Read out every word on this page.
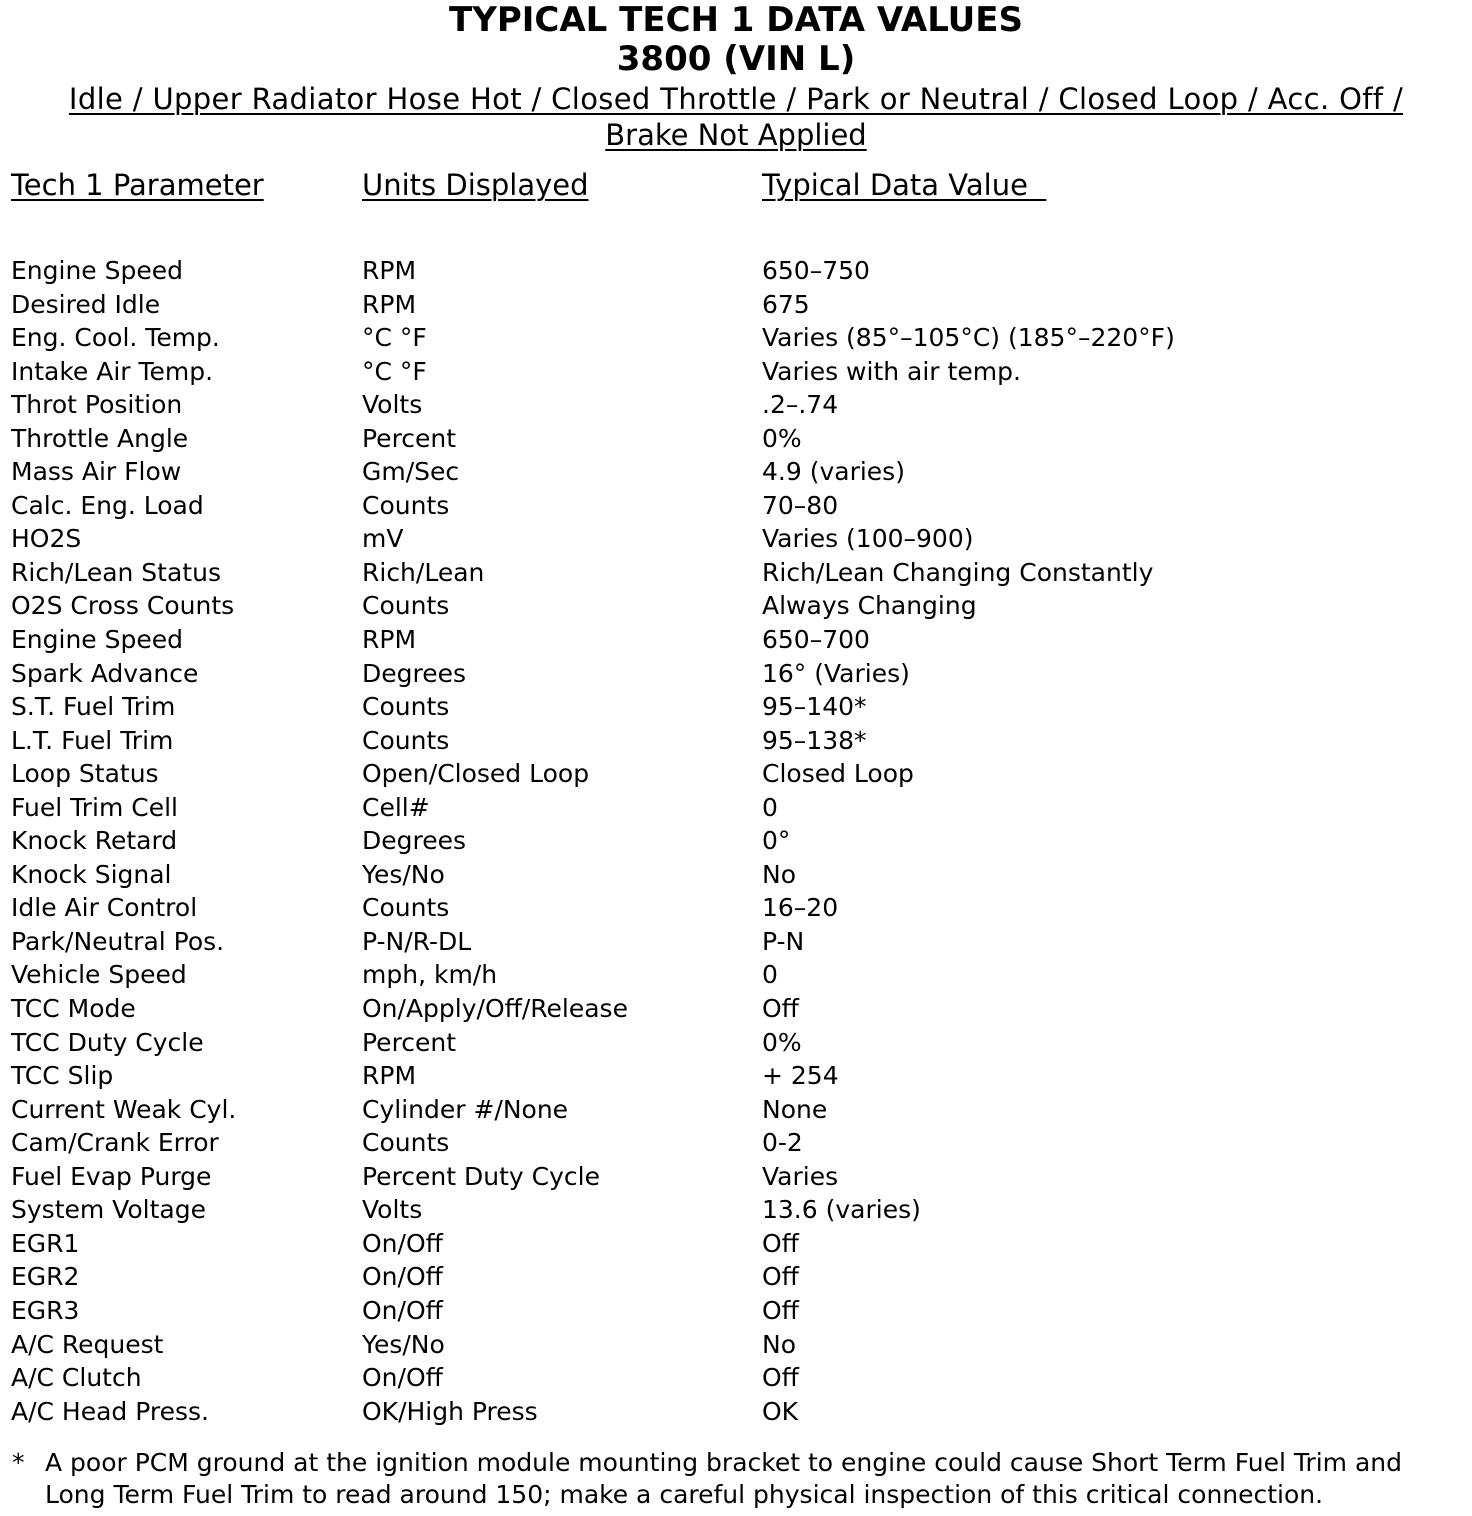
TYPICAL TECH 1 DATA VALUES
3800 (VIN L)
Idle / Upper Radiator Hose Hot / Closed Throttle / Park or Neutral / Closed Loop / Acc. Off /
Brake Not Applied
Tech 1 Parameter	Units Displayed	Typical Data Value
Engine Speed	RPM	650–750
Desired Idle	RPM	675
Eng. Cool. Temp.	°C °F	Varies (85°–105°C) (185°–220°F)
Intake Air Temp.	°C °F	Varies with air temp.
Throt Position	Volts	.2–.74
Throttle Angle	Percent	0%
Mass Air Flow	Gm/Sec	4.9 (varies)
Calc. Eng. Load	Counts	70–80
HO2S	mV	Varies (100–900)
Rich/Lean Status	Rich/Lean	Rich/Lean Changing Constantly
O2S Cross Counts	Counts	Always Changing
Engine Speed	RPM	650–700
Spark Advance	Degrees	16° (Varies)
S.T. Fuel Trim	Counts	95–140*
L.T. Fuel Trim	Counts	95–138*
Loop Status	Open/Closed Loop	Closed Loop
Fuel Trim Cell	Cell#	0
Knock Retard	Degrees	0°
Knock Signal	Yes/No	No
Idle Air Control	Counts	16–20
Park/Neutral Pos.	P-N/R-DL	P-N
Vehicle Speed	mph, km/h	0
TCC Mode	On/Apply/Off/Release	Off
TCC Duty Cycle	Percent	0%
TCC Slip	RPM	+ 254
Current Weak Cyl.	Cylinder #/None	None
Cam/Crank Error	Counts	0-2
Fuel Evap Purge	Percent Duty Cycle	Varies
System Voltage	Volts	13.6 (varies)
EGR1	On/Off	Off
EGR2	On/Off	Off
EGR3	On/Off	Off
A/C Request	Yes/No	No
A/C Clutch	On/Off	Off
A/C Head Press.	OK/High Press	OK
* A poor PCM ground at the ignition module mounting bracket to engine could cause Short Term Fuel Trim and Long Term Fuel Trim to read around 150; make a careful physical inspection of this critical connection.
